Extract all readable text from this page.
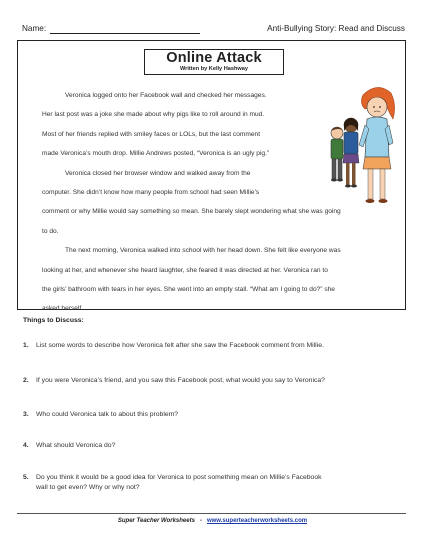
Name:	Anti-Bullying Story: Read and Discuss
Online Attack
Written by Kelly Hashway
Veronica logged onto her Facebook wall and checked her messages.
Her last post was a joke she made about why pigs like to roll around in mud.
Most of her friends replied with smiley faces or LOLs, but the last comment
made Veronica’s mouth drop. Millie Andrews posted, “Veronica is an ugly pig.”
Veronica closed her browser window and walked away from the
computer. She didn’t know how many people from school had seen Millie’s
comment or why Millie would say something so mean. She barely slept wondering what she was going
to do.
The next morning, Veronica walked into school with her head down. She felt like everyone was
looking at her, and whenever she heard laughter, she feared it was directed at her. Veronica ran to
the girls’ bathroom with tears in her eyes. She went into an empty stall. “What am I going to do?” she
asked herself.
Things to Discuss:
1. List some words to describe how Veronica felt after she saw the Facebook comment from Millie.
2. If you were Veronica’s friend, and you saw this Facebook post, what would you say to Veronica?
3. Who could Veronica talk to about this problem?
4. What should Veronica do?
5. Do you think it would be a good idea for Veronica to post something mean on Millie’s Facebook
wall to get even? Why or why not?
Super Teacher Worksheets - www.superteacherworksheets.com
